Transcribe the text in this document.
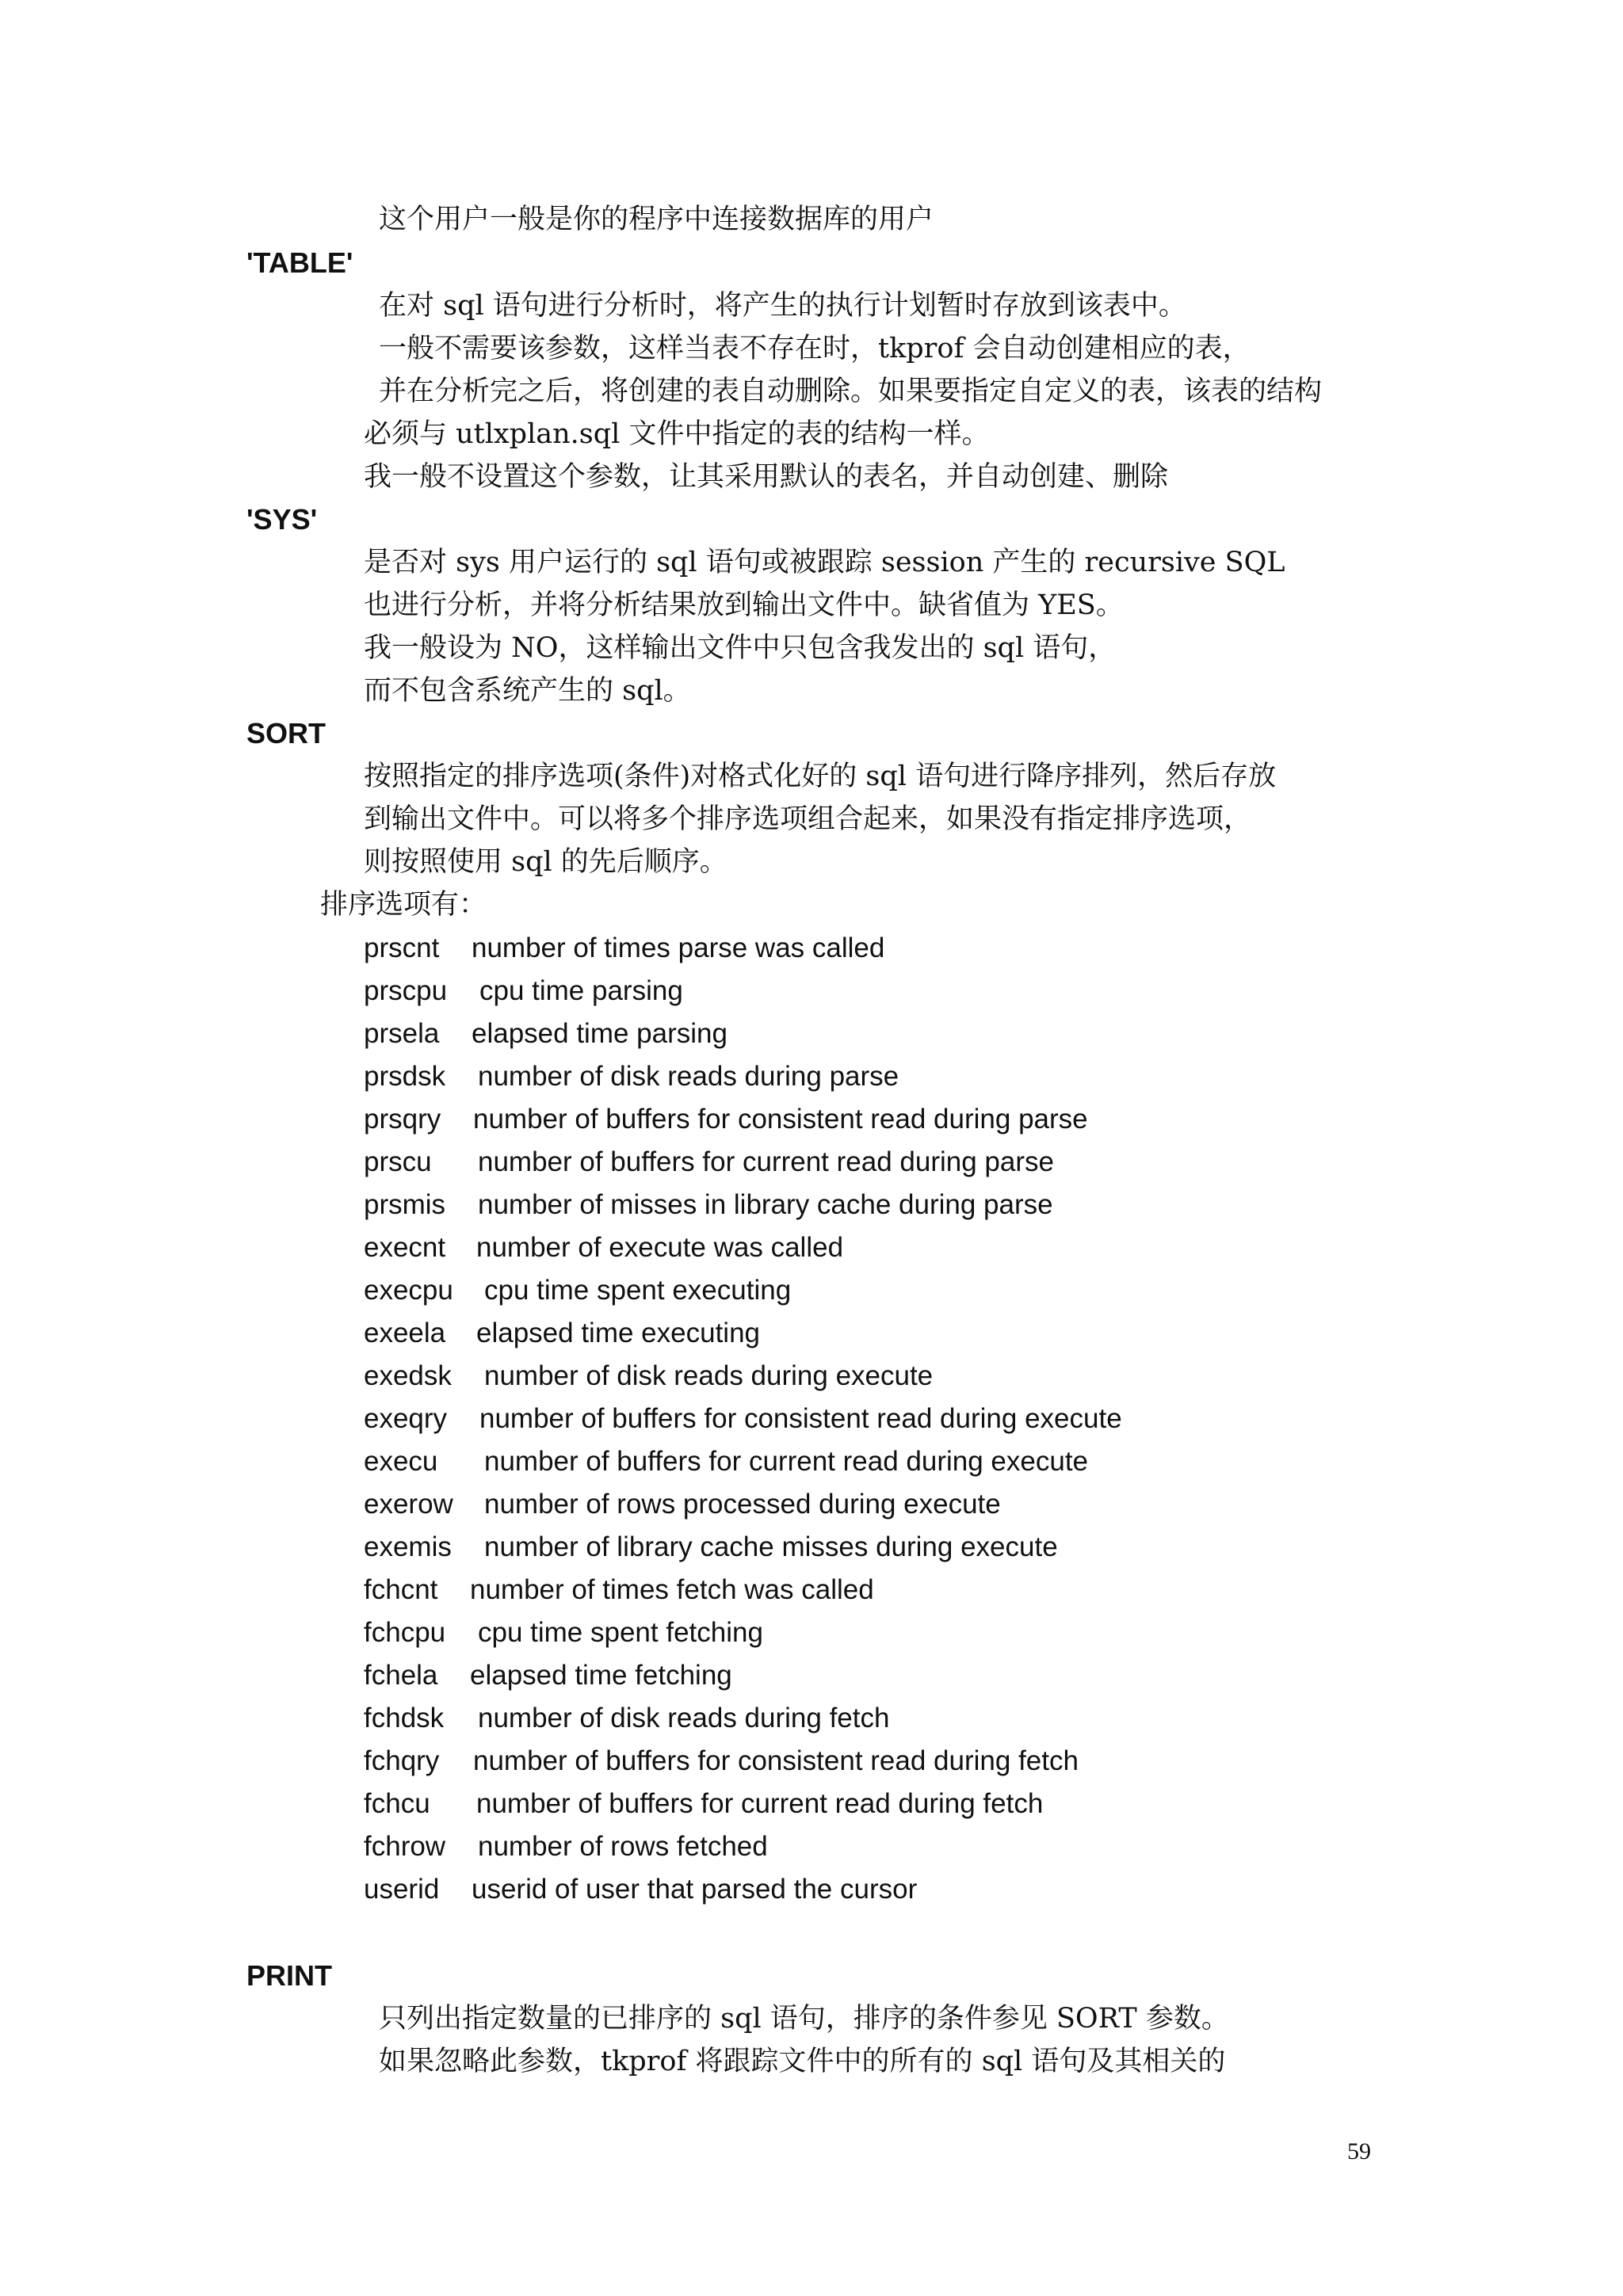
这个用户一般是你的程序中连接数据库的用户
'TABLE'
在对 sql 语句进行分析时，将产生的执行计划暂时存放到该表中。
一般不需要该参数，这样当表不存在时，tkprof 会自动创建相应的表，
并在分析完之后，将创建的表自动删除。如果要指定自定义的表，该表的结构
必须与 utlxplan.sql 文件中指定的表的结构一样。
我一般不设置这个参数，让其采用默认的表名，并自动创建、删除
'SYS'
是否对 sys 用户运行的 sql 语句或被跟踪 session 产生的 recursive SQL
也进行分析，并将分析结果放到输出文件中。缺省值为 YES。
我一般设为 NO，这样输出文件中只包含我发出的 sql 语句，
而不包含系统产生的 sql。
SORT
按照指定的排序选项(条件)对格式化好的 sql 语句进行降序排列，然后存放
到输出文件中。可以将多个排序选项组合起来，如果没有指定排序选项，
则按照使用 sql 的先后顺序。
排序选项有：
prscnt number of times parse was called
prscpu cpu time parsing
prsela elapsed time parsing
prsdsk number of disk reads during parse
prsqry number of buffers for consistent read during parse
prscu number of buffers for current read during parse
prsmis number of misses in library cache during parse
execnt number of execute was called
execpu cpu time spent executing
exeela elapsed time executing
exedsk number of disk reads during execute
exeqry number of buffers for consistent read during execute
execu number of buffers for current read during execute
exerow number of rows processed during execute
exemis number of library cache misses during execute
fchcnt number of times fetch was called
fchcpu cpu time spent fetching
fchela elapsed time fetching
fchdsk number of disk reads during fetch
fchqry number of buffers for consistent read during fetch
fchcu number of buffers for current read during fetch
fchrow number of rows fetched
userid userid of user that parsed the cursor
PRINT
只列出指定数量的已排序的 sql 语句，排序的条件参见 SORT 参数。
如果忽略此参数，tkprof 将跟踪文件中的所有的 sql 语句及其相关的
59
